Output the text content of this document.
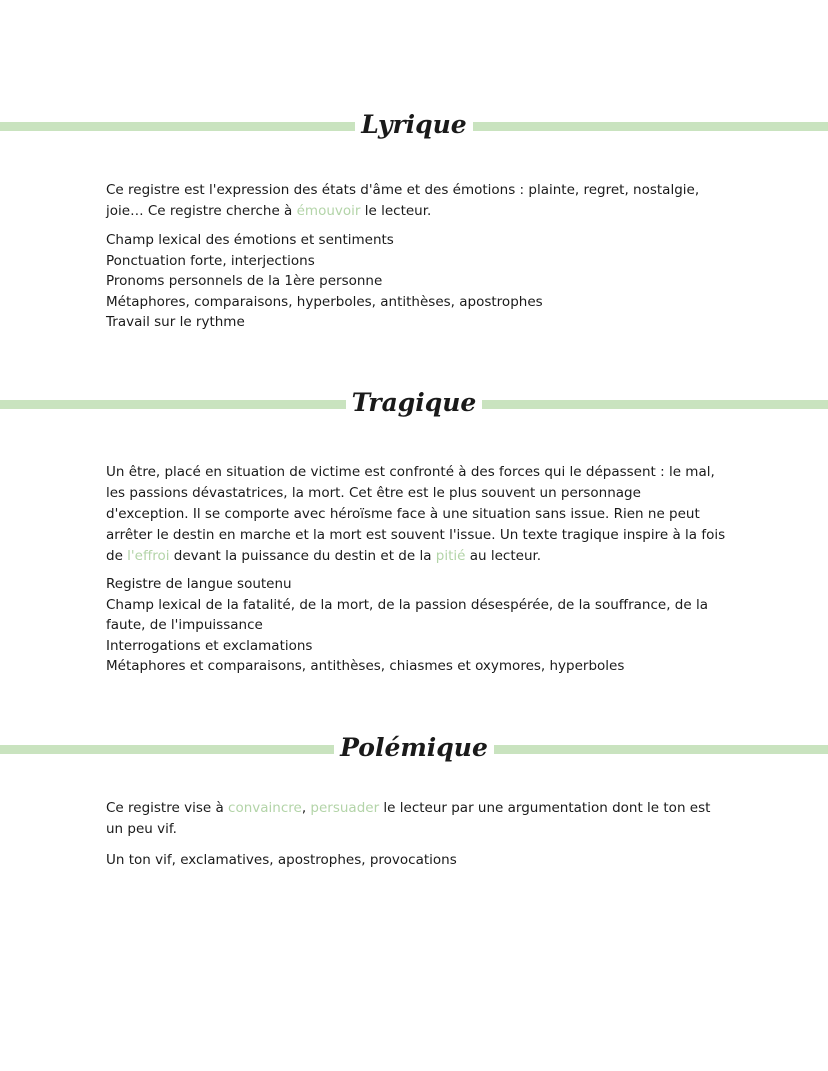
Lyrique

Ce registre est l'expression des états d'âme et des émotions : plainte, regret, nostalgie, joie… Ce registre cherche à émouvoir le lecteur.

Champ lexical des émotions et sentiments
Ponctuation forte, interjections
Pronoms personnels de la 1ère personne
Métaphores, comparaisons, hyperboles, antithèses, apostrophes
Travail sur le rythme
Tragique

Un être, placé en situation de victime est confronté à des forces qui le dépassent : le mal, les passions dévastatrices, la mort. Cet être est le plus souvent un personnage d'exception. Il se comporte avec héroïsme face à une situation sans issue. Rien ne peut arrêter le destin en marche et la mort est souvent l'issue. Un texte tragique inspire à la fois de l'effroi devant la puissance du destin et de la pitié au lecteur.

Registre de langue soutenu
Champ lexical de la fatalité, de la mort, de la passion désespérée, de la souffrance, de la faute, de l'impuissance
Interrogations et exclamations
Métaphores et comparaisons, antithèses, chiasmes et oxymores, hyperboles
Polémique

Ce registre vise à convaincre, persuader le lecteur par une argumentation dont le ton est un peu vif.

Un ton vif, exclamatives, apostrophes, provocations
